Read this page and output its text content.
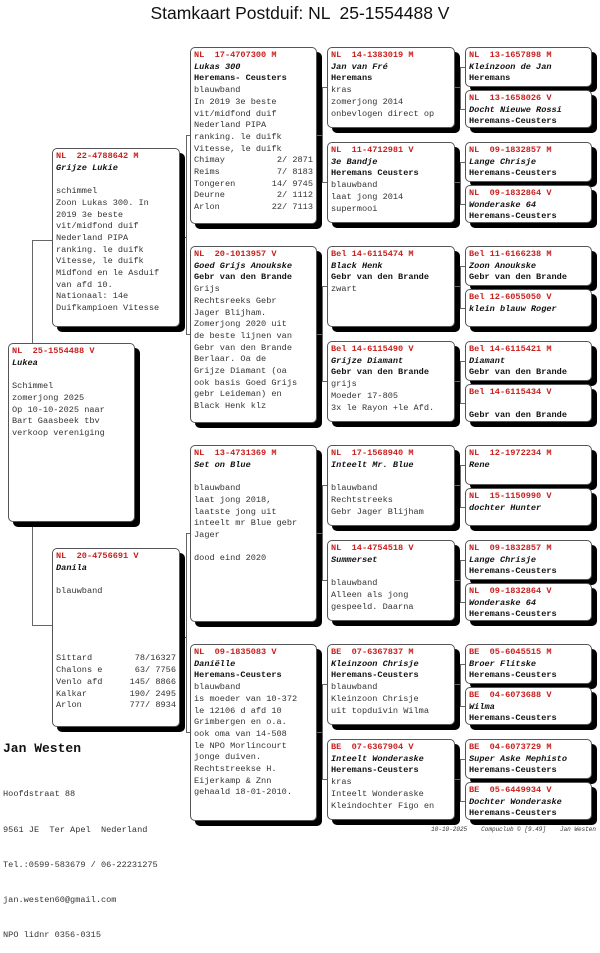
Stamkaart Postduif: NL  25-1554488 V
NL  25-1554488 V
Lukea
Schimmel
zomerjong 2025
Op 10-10-2025 naar
Bart Gaasbeek tbv
verkoop vereniging
NL  22-4788642 M
Grijze Lukie
schimmel
Zoon Lukas 300. In
2019 3e beste
vit/midfond duif
Nederland PIPA
ranking. le duifk
Vitesse, le duifk
Midfond en le Asduif
van afd 10.
Nationaal: 14e
Duifkampioen Vitesse
NL  20-4756691 V
Danila
blauwband
Sittard	78/16327
Chalons e	63/ 7756
Venlo afd	145/ 8866
Kalkar	190/ 2495
Arlon	777/ 8934
NL  17-4707300 M
Lukas 300
Heremans- Ceusters
blauwband
In 2019 3e beste
vit/midfond duif
Nederland PIPA
ranking. le duifk
Vitesse, le duifk
Chimay	2/ 2871
Reims	7/ 8183
Tongeren	14/ 9745
Deurne	2/ 1112
Arlon	22/ 7113
NL  20-1013957 V
Goed Grijs Anoukske
Gebr van den Brande
Grijs
Rechtsreeks Gebr
Jager Blijham.
Zomerjong 2020 uit
de beste lijnen van
Gebr van den Brande
Berlaar. Oa de
Grijze Diamant (oa
ook basis Goed Grijs
gebr Leideman) en
Black Henk klz
NL  13-4731369 M
Set on Blue
blauwband
laat jong 2018,
laatste jong uit
inteelt mr Blue gebr
Jager

dood eind 2020
NL  09-1835083 V
Daniëlle
Heremans-Ceusters
blauwband
is moeder van 10-372
le 12106 d afd 10
Grimbergen en o.a.
ook oma van 14-508
le NPO Morlincourt
jonge duiven.
Rechtstreekse H.
Eijerkamp & Znn
gehaald 18-01-2010.
NL  14-1383019 M
Jan van Fré
Heremans
kras
zomerjong 2014
onbevlogen direct op
NL  11-4712981 V
3e Bandje
Heremans Ceusters
blauwband
laat jong 2014
supermooi
Bel 14-6115474 M
Black Henk
Gebr van den Brande
zwart
Bel 14-6115490 V
Grijze Diamant
Gebr van den Brande
grijs
Moeder 17-805
3x le Rayon +le Afd.
NL  17-1568940 M
Inteelt Mr. Blue
blauwband
Rechtstreeks
Gebr Jager Blijham
NL  14-4754518 V
Summerset
blauwband
Alleen als jong
gespeeld. Daarna
BE  07-6367837 M
Kleinzoon Chrisje
Heremans-Ceusters
blauwband
Kleinzoon Chrisje
uit topduivin Wilma
BE  07-6367904 V
Inteelt Wonderaske
Heremans-Ceusters
kras
Inteelt Wonderaske
Kleindochter Figo en
NL  13-1657898 M
Kleinzoon de Jan
Heremans
NL  13-1658026 V
Docht Nieuwe Rossi
Heremans-Ceusters
NL  09-1832857 M
Lange Chrisje
Heremans-Ceusters
NL  09-1832864 V
Wonderaske 64
Heremans-Ceusters
Bel 11-6166238 M
Zoon Anoukske
Gebr van den Brande
Bel 12-6055050 V
klein blauw Roger
Bel 14-6115421 M
Diamant
Gebr van den Brande
Bel 14-6115434 V
Gebr van den Brande
NL  12-1972234 M
Rene
NL  15-1150990 V
dochter Hunter
NL  09-1832857 M
Lange Chrisje
Heremans-Ceusters
NL  09-1832864 V
Wonderaske 64
Heremans-Ceusters
BE  05-6045515 M
Broer Flitske
Heremans-Ceusters
BE  04-6073688 V
Wilma
Heremans-Ceusters
BE  04-6073729 M
Super Aske Mephisto
Heremans-Ceusters
BE  05-6449934 V
Dochter Wonderaske
Heremans-Ceusters
Jan Westen

Hoofdstraat 88

9561 JE  Ter Apel  Nederland

Tel.:0599-583679 / 06-22231275

jan.westen60@gmail.com

NPO lidnr 0356-0315

10-10-2025 Compuclub © [9.49] Jan Westen
